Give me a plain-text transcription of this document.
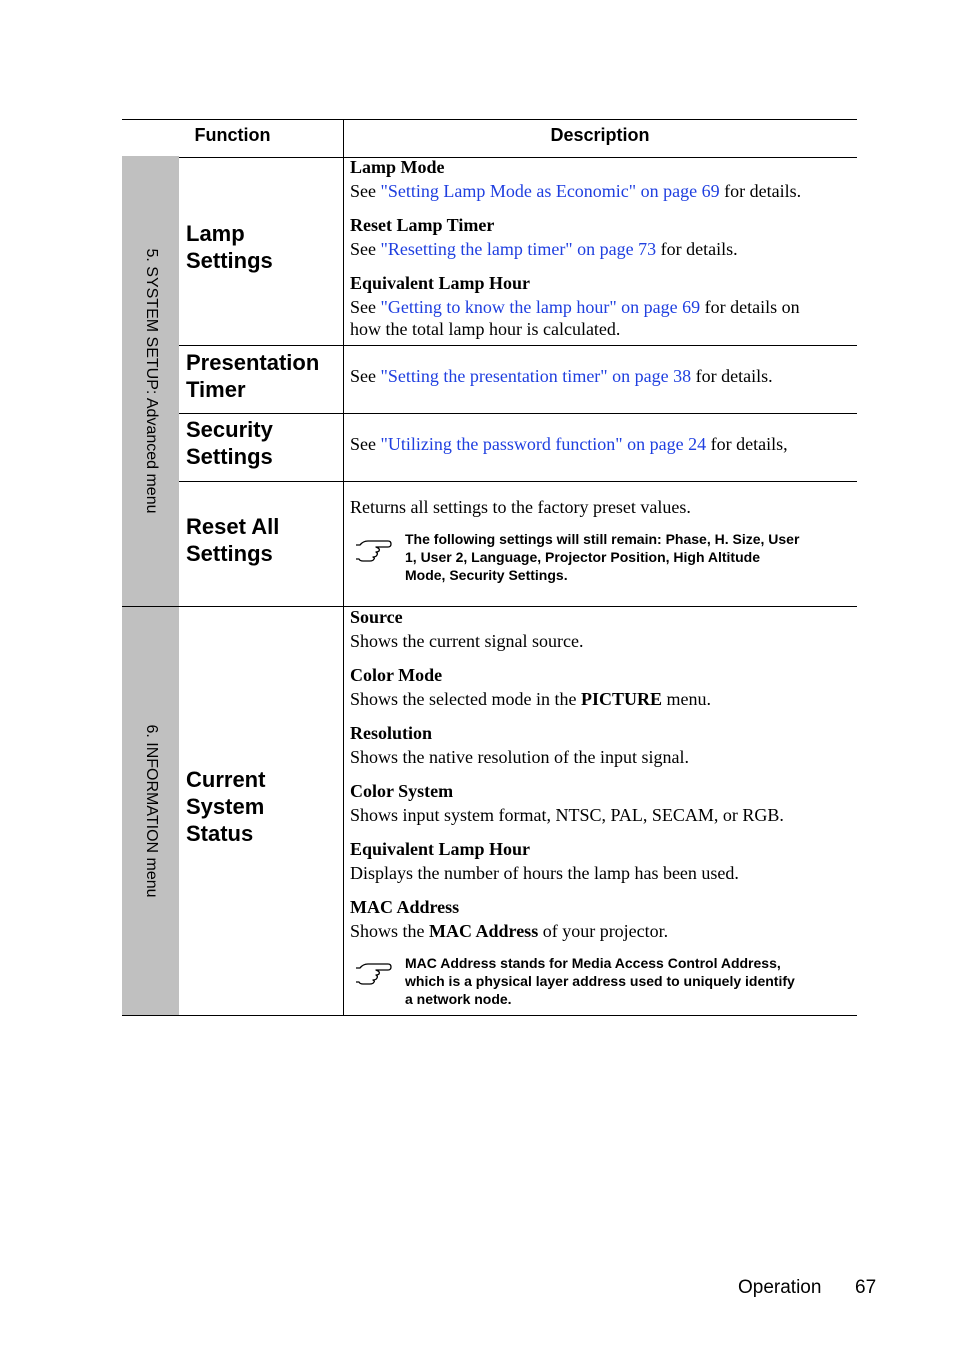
Function	Description
5. SYSTEM SETUP: Advanced menu
6. INFORMATION menu
Lamp
Settings
Lamp Mode
See "Setting Lamp Mode as Economic" on page 69 for details.
Reset Lamp Timer
See "Resetting the lamp timer" on page 73 for details.
Equivalent Lamp Hour
See "Getting to know the lamp hour" on page 69 for details on
how the total lamp hour is calculated.
Presentation
Timer
See "Setting the presentation timer" on page 38 for details.
Security
Settings	See "Utilizing the password function" on page 24 for details,
Reset All
Settings
Returns all settings to the factory preset values.
The following settings will still remain: Phase, H. Size, User
1, User 2, Language, Projector Position, High Altitude
Mode, Security Settings.
Current
System
Status
Source
Shows the current signal source.
Color Mode
Shows the selected mode in the PICTURE menu.
Resolution
Shows the native resolution of the input signal.
Color System
Shows input system format, NTSC, PAL, SECAM, or RGB.
Equivalent Lamp Hour
Displays the number of hours the lamp has been used.
MAC Address
Shows the MAC Address of your projector.
MAC Address stands for Media Access Control Address,
which is a physical layer address used to uniquely identify
a network node.
Operation 67
